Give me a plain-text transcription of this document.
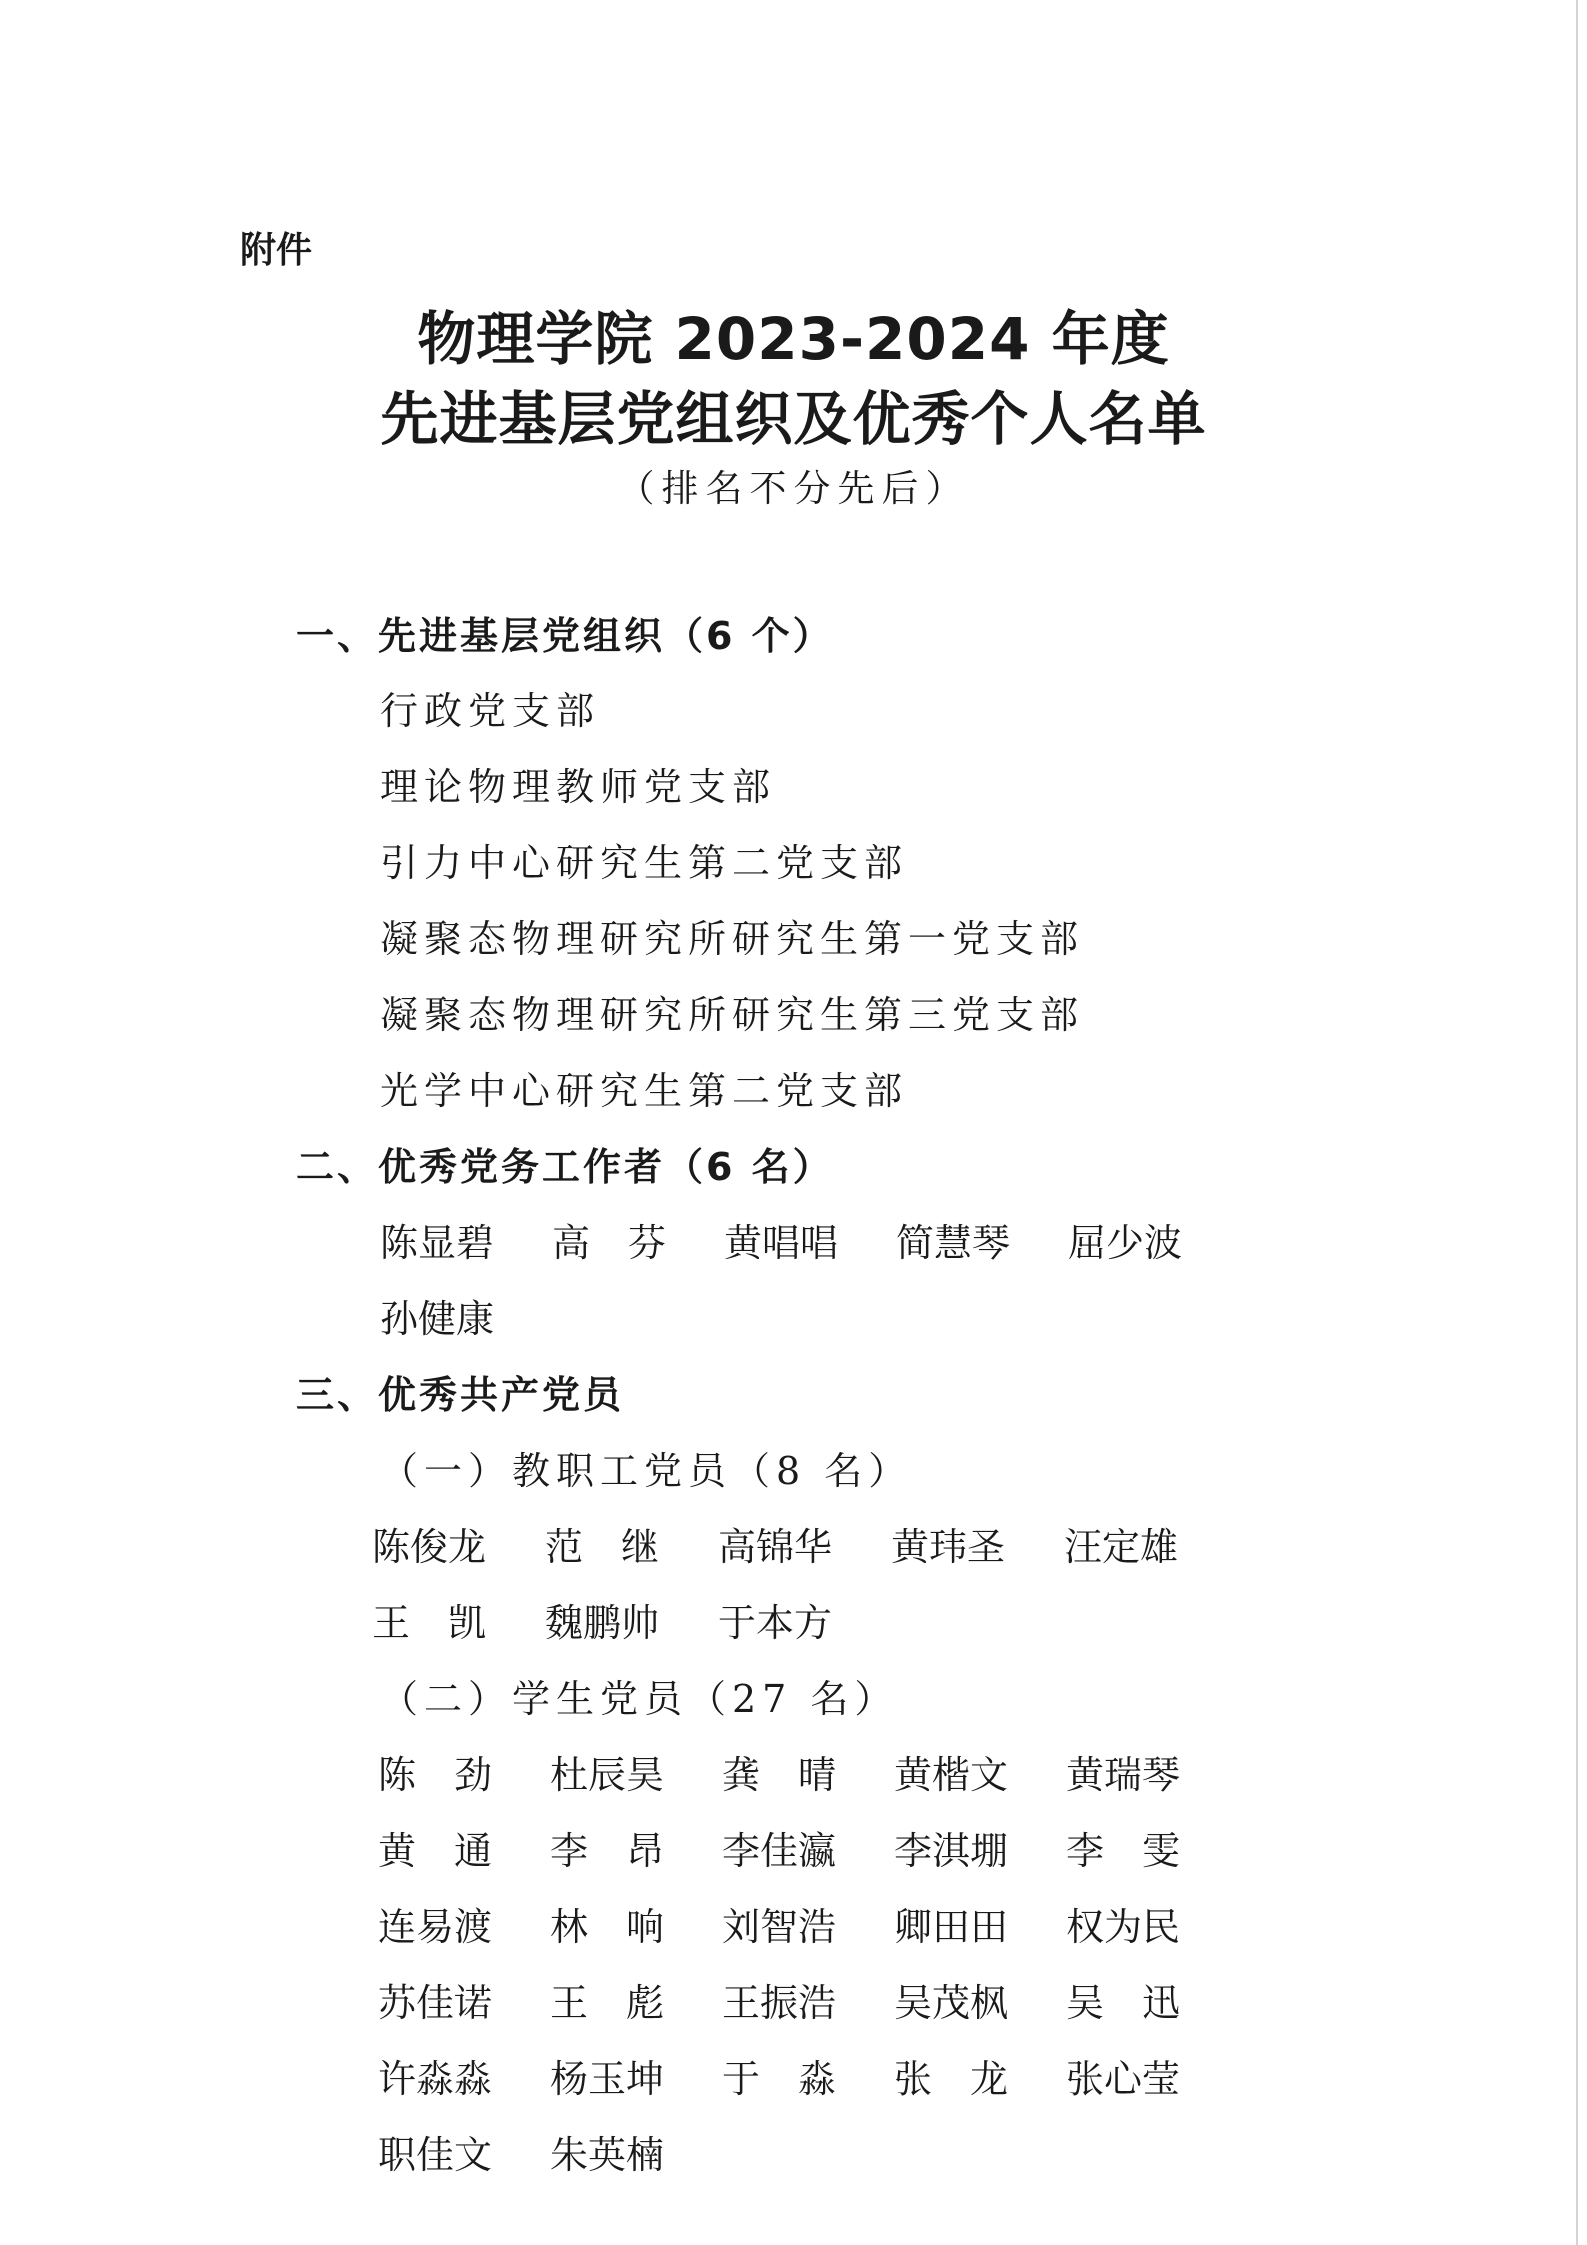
附件
物理学院 2023-2024 年度
先进基层党组织及优秀个人名单
（排名不分先后）
一、先进基层党组织（6 个）
行政党支部
理论物理教师党支部
引力中心研究生第二党支部
凝聚态物理研究所研究生第一党支部
凝聚态物理研究所研究生第三党支部
光学中心研究生第二党支部
二、优秀党务工作者（6 名）
陈显碧 高　芬 黄唱唱 简慧琴 屈少波
孙健康
三、优秀共产党员
（一）教职工党员（8 名）
陈俊龙 范　继 高锦华 黄玮圣 汪定雄
王　凯 魏鹏帅 于本方
（二）学生党员（27 名）
陈　劲 杜辰昊 龚　晴 黄楷文 黄瑞琴
黄　通 李　昂 李佳瀛 李淇堋 李　雯
连易渡 林　响 刘智浩 卿田田 权为民
苏佳诺 王　彪 王振浩 吴茂枫 吴　迅
许淼淼 杨玉坤 于　淼 张　龙 张心莹
职佳文 朱英楠
